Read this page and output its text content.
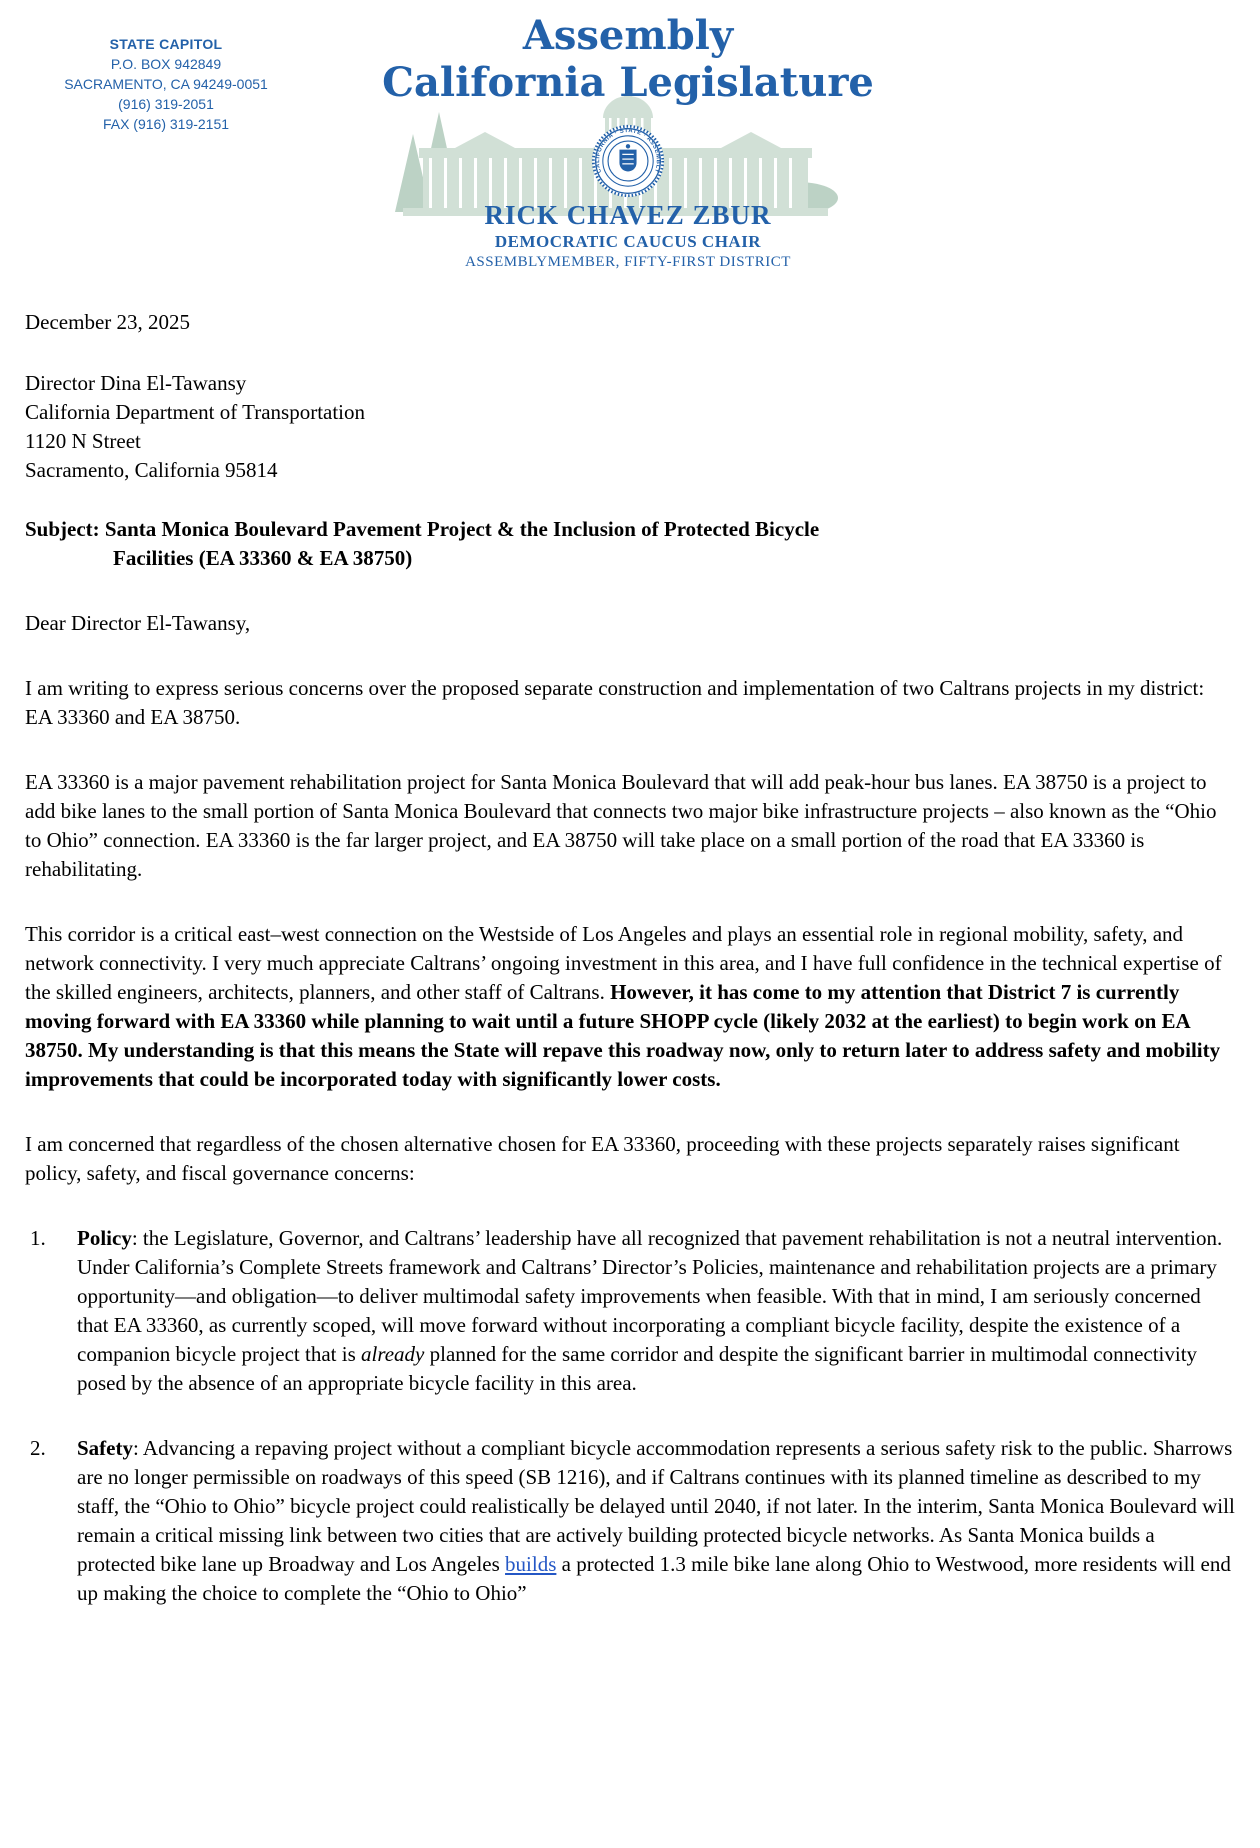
CALIFORNIA · STATE · ASSEMBLY
STATE CAPITOL
P.O. BOX 942849
SACRAMENTO, CA 94249-0051
(916) 319-2051
FAX (916) 319-2151
Assembly
California Legislature
RICK CHAVEZ ZBUR
DEMOCRATIC CAUCUS CHAIR
ASSEMBLYMEMBER, FIFTY-FIRST DISTRICT
December 23, 2025
Director Dina El-Tawansy
California Department of Transportation
1120 N Street
Sacramento, California 95814
Subject: Santa Monica Boulevard Pavement Project & the Inclusion of Protected Bicycle
Facilities (EA 33360 & EA 38750)
Dear Director El-Tawansy,
I am writing to express serious concerns over the proposed separate construction and implementation of two Caltrans projects in my district: EA 33360 and EA 38750.
EA 33360 is a major pavement rehabilitation project for Santa Monica Boulevard that will add peak-hour bus lanes. EA 38750 is a project to add bike lanes to the small portion of Santa Monica Boulevard that connects two major bike infrastructure projects – also known as the “Ohio to Ohio” connection. EA 33360 is the far larger project, and EA 38750 will take place on a small portion of the road that EA 33360 is rehabilitating.
This corridor is a critical east–west connection on the Westside of Los Angeles and plays an essential role in regional mobility, safety, and network connectivity. I very much appreciate Caltrans’ ongoing investment in this area, and I have full confidence in the technical expertise of the skilled engineers, architects, planners, and other staff of Caltrans. However, it has come to my attention that District 7 is currently moving forward with EA 33360 while planning to wait until a future SHOPP cycle (likely 2032 at the earliest) to begin work on EA 38750. My understanding is that this means the State will repave this roadway now, only to return later to address safety and mobility improvements that could be incorporated today with significantly lower costs.
I am concerned that regardless of the chosen alternative chosen for EA 33360, proceeding with these projects separately raises significant policy, safety, and fiscal governance concerns:
1.	Policy: the Legislature, Governor, and Caltrans’ leadership have all recognized that pavement rehabilitation is not a neutral intervention. Under California’s Complete Streets framework and Caltrans’ Director’s Policies, maintenance and rehabilitation projects are a primary opportunity—and obligation—to deliver multimodal safety improvements when feasible. With that in mind, I am seriously concerned that EA 33360, as currently scoped, will move forward without incorporating a compliant bicycle facility, despite the existence of a companion bicycle project that is already planned for the same corridor and despite the significant barrier in multimodal connectivity posed by the absence of an appropriate bicycle facility in this area.
2.	Safety: Advancing a repaving project without a compliant bicycle accommodation represents a serious safety risk to the public. Sharrows are no longer permissible on roadways of this speed (SB 1216), and if Caltrans continues with its planned timeline as described to my staff, the “Ohio to Ohio” bicycle project could realistically be delayed until 2040, if not later. In the interim, Santa Monica Boulevard will remain a critical missing link between two cities that are actively building protected bicycle networks. As Santa Monica builds a protected bike lane up Broadway and Los Angeles builds a protected 1.3 mile bike lane along Ohio to Westwood, more residents will end up making the choice to complete the “Ohio to Ohio”
